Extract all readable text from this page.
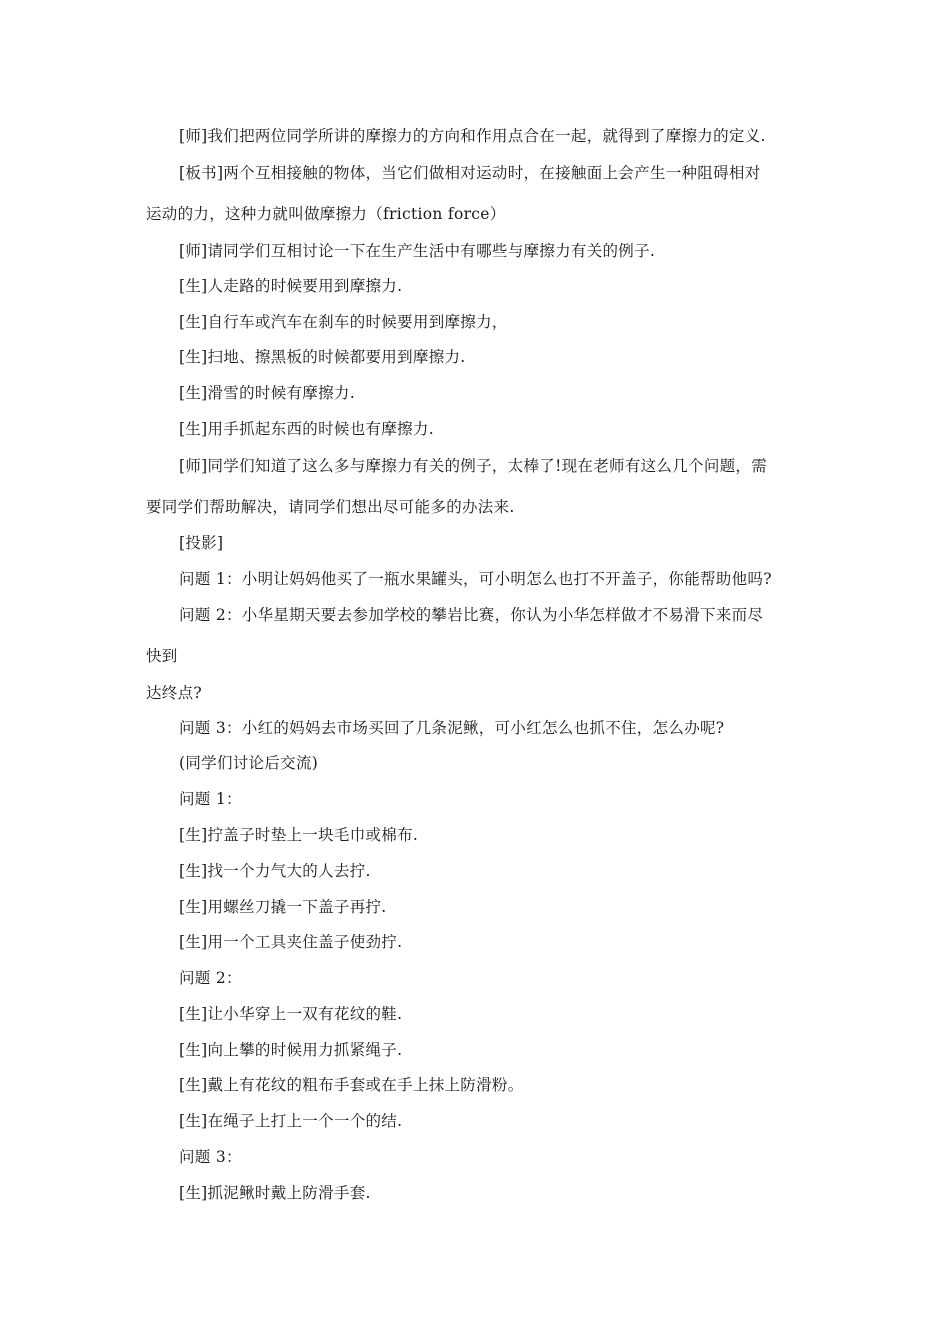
[师]我们把两位同学所讲的摩擦力的方向和作用点合在一起，就得到了摩擦力的定义.
[板书]两个互相接触的物体，当它们做相对运动时，在接触面上会产生一种阻碍相对
运动的力，这种力就叫做摩擦力（friction force）
[师]请同学们互相讨论一下在生产生活中有哪些与摩擦力有关的例子.
[生]人走路的时候要用到摩擦力.
[生]自行车或汽车在刹车的时候要用到摩擦力，
[生]扫地、擦黑板的时候都要用到摩擦力.
[生]滑雪的时候有摩擦力.
[生]用手抓起东西的时候也有摩擦力.
[师]同学们知道了这么多与摩擦力有关的例子，太棒了!现在老师有这么几个问题，需
要同学们帮助解决，请同学们想出尽可能多的办法来.
[投影]
问题 1：小明让妈妈他买了一瓶水果罐头，可小明怎么也打不开盖子，你能帮助他吗?
问题 2：小华星期天要去参加学校的攀岩比赛，你认为小华怎样做才不易滑下来而尽
快到
达终点?
问题 3：小红的妈妈去市场买回了几条泥鳅，可小红怎么也抓不住，怎么办呢?
(同学们讨论后交流)
问题 1：
[生]拧盖子时垫上一块毛巾或棉布.
[生]找一个力气大的人去拧.
[生]用螺丝刀撬一下盖子再拧.
[生]用一个工具夹住盖子使劲拧.
问题 2：
[生]让小华穿上一双有花纹的鞋.
[生]向上攀的时候用力抓紧绳子.
[生]戴上有花纹的粗布手套或在手上抹上防滑粉。
[生]在绳子上打上一个一个的结.
问题 3：
[生]抓泥鳅时戴上防滑手套.
